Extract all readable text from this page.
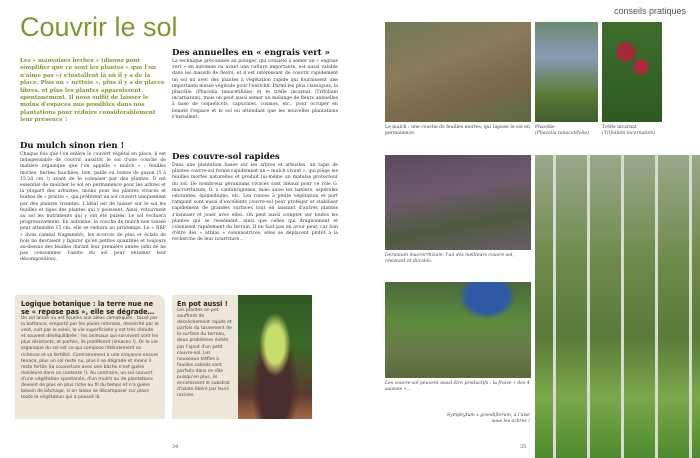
Couvrir le sol
Les « mauvaises herbes » (disons pour simplifier que ce sont les plantes « que l'on n'aime pas ») s'installent là où il y a de la place. Plus on « nettoie », plus il y a de places libres, et plus les plantes apparaissent spontanément. Il nous suffit de laisser le moins d'espaces nus possibles dans nos plantations pour réduire considérablement leur présence !
Du mulch sinon rien !

Chaque fois que l'on enlève le couvert végétal en place, il est indispensable de couvrir aussitôt le sol d'une couche de matière organique que l'on appelle « mulch » : feuilles mortes, herbes fauchées, foin, paille ou tontes de gazon (5 à 15-20 cm !) avant de le coloniser par des plantes. Il est essentiel de mulcher le sol en permanence pour les arbres et la plupart des arbustes, moins pour les plantes vivaces et bulbes de « prairie », qui préfèrent un sol couvert uniquement par des plantes vivantes. L'idéal est de laisser sur le sol les feuilles et tiges des plantes qui y poussent. Ainsi, retournent au sol les nutriments qui y ont été puisés. Le sol évoluera progressivement. En automne, la couche de mulch non tassée peut atteindre 15 cm, elle se réduira au printemps. Le « BRF » (bois raméal fragmenté), les écorces de pins et éclats de bois ne devraient y figurer qu'en petites quantités et toujours au-dessus des feuilles durant leur première année (afin de ne pas consommer l'azote du sol pour entamer leur décomposition).

Des annuelles en « engrais vert »

La technique préconisée au potager, qui consiste à semer un « engrais vert » en automne ou avant une culture importante, est aussi valable dans les massifs de fleurs, et il est intéressant de couvrir rapidement un sol nu avec des plantes à végétation rapide qui fournissent une importante masse végétale pour l'enrichir. Parmi les plus classiques, la phacélie (Phacelia tanacetifolia) et le trèfle incarnat (Trifolium incarnatum), mais on peut aussi semer un mélange de fleurs annuelles à base de coquelicots, capucines, cosmos, etc., pour occuper en beauté l'espace et le sol en attendant que les nouvelles plantations s'installent.

Des couvre-sol rapides

Dans une plantation basée sur les arbres et arbustes, un tapis de plantes couvre-sol forme rapidement un « mulch vivant », qui piège les feuilles mortes naturelles et produit lui-même un matelas protecteur du sol. De nombreux géraniums vivaces sont idéaux pour ce rôle G. macrorrhizum, G. x cantabrigiense, mais aussi les lamiers, aspérules odorantes, épimediums, etc. Les ronces à petite végétation et port rampant sont aussi d'excellents couvre-sol pour protéger et stabiliser rapidement de grandes surfaces tout en laissant d'autres plantes s'insinuer et jouer avec elles. On peut aussi compter sur toutes les plantes qui se ressèment, ainsi que celles qui drageonnent et colonisent rapidement du terrain. Il ne faut pas en avoir peur, car loin d'être des « attilas » colonisatrices, elles se déplacent plutôt à la recherche de leur nourriture…

Logique botanique : la terre nue ne se « repose pas », elle se dégrade…

Un sol laissé nu est soumis aux aléas climatiques : tassé par la battance, emporté par les pluies intenses, desséché par le vent, cuit par le soleil, la vie superficielle y est très réduite et souvent déséquilibrée ; les animaux qui survivent sont les plus résistants, et parfois, ils prolifèrent (limaces !). Or la vie organique du sol est ce qui compose littéralement sa richesse et sa fertilité. Contrairement à une croyance encore tenace, plus un sol reste nu, plus il se dégrade et moins il reste fertile (la couverture avec une bâche n'est guère meilleure dans ce contexte !). Au contraire, un sol couvert d'une végétation spontanée, d'un mulch ou de plantations devient de plus en plus riche au fil du temps et n'a guère besoin de bêchage, si on laisse se décomposer sur place toute la végétation qui a poussé là.

En pot aussi !

Les plantes en pot souffrent de dessèchement rapide et parfois du tassement de la surface du terreau, deux problèmes évités par l'ajout d'un petit couvre-sol. Les nouveaux trèfles à feuilles colorés sont parfaits dans ce rôle puisqu'en plus, ils enrichissent le substrat d'azote libéré par leurs racines.

34
conseils pratiques
Le mulch : une couche de feuilles mortes, qui tapisse le sol en permanence.
Phacélie
(Phacelia tanacetifolia)
Trèfle incarnat
(Trifolium incarnatum)
Geranium macrorrhizum, l'un des meilleurs couvre-sol, résistant et durable.
Les couvre-sol peuvent aussi être productifs : la fraise « des 4 saisons »…
Symphytum x grandiflorum, à l'aise sous les arbres !
35
